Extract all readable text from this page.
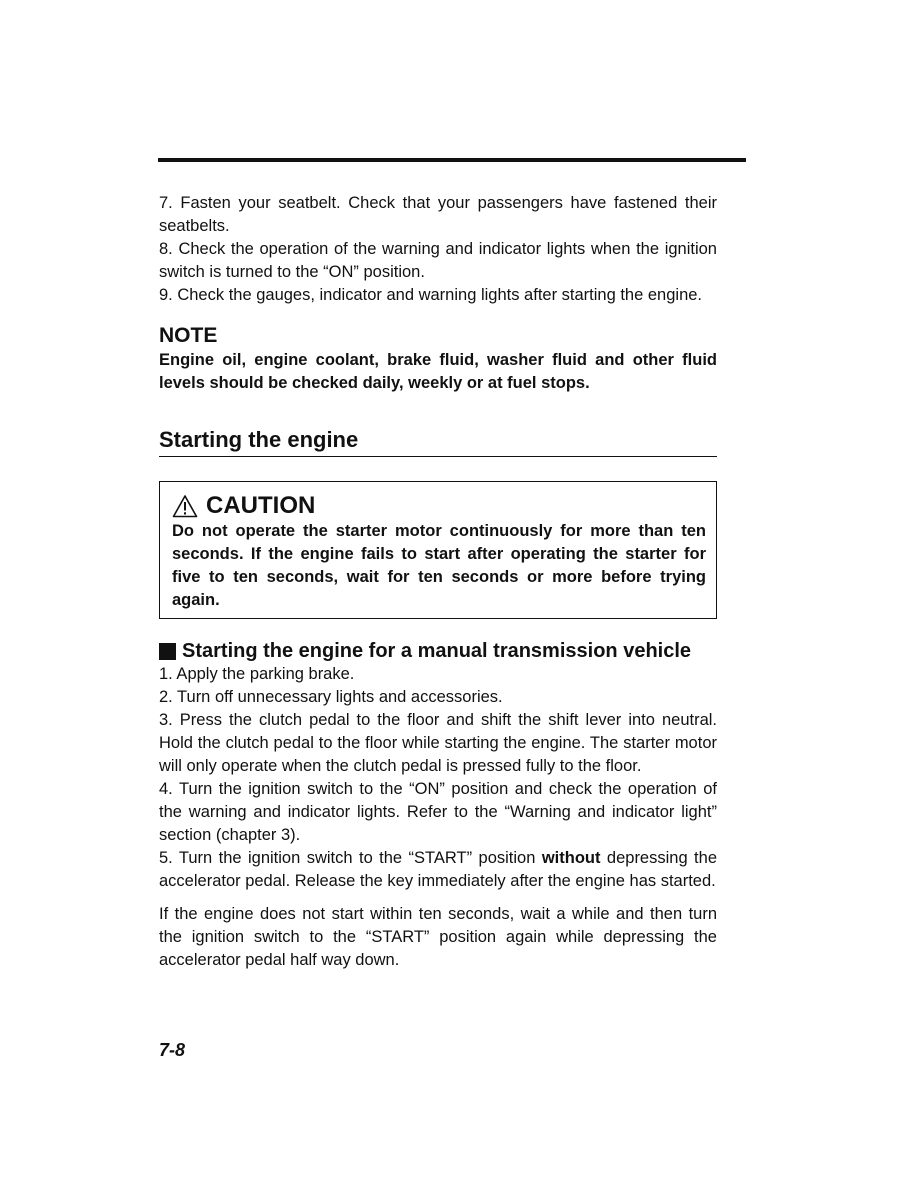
7. Fasten your seatbelt. Check that your passengers have fastened their seatbelts.
8. Check the operation of the warning and indicator lights when the ignition switch is turned to the “ON” position.
9. Check the gauges, indicator and warning lights after starting the engine.
NOTE

Engine oil, engine coolant, brake fluid, washer fluid and other fluid levels should be checked daily, weekly or at fuel stops.

Starting the engine
CAUTION

Do not operate the starter motor continuously for more than ten seconds. If the engine fails to start after operating the starter for five to ten seconds, wait for ten seconds or more before trying again.

Starting the engine for a manual transmission vehicle
1. Apply the parking brake.
2. Turn off unnecessary lights and accessories.
3. Press the clutch pedal to the floor and shift the shift lever into neutral. Hold the clutch pedal to the floor while starting the engine. The starter motor will only operate when the clutch pedal is pressed fully to the floor.
4. Turn the ignition switch to the “ON” position and check the operation of the warning and indicator lights. Refer to the “Warning and indicator light” section (chapter 3).
5. Turn the ignition switch to the “START” position without depressing the accelerator pedal. Release the key immediately after the engine has started.

If the engine does not start within ten seconds, wait a while and then turn the ignition switch to the “START” position again while depressing the accelerator pedal half way down.

7-8
